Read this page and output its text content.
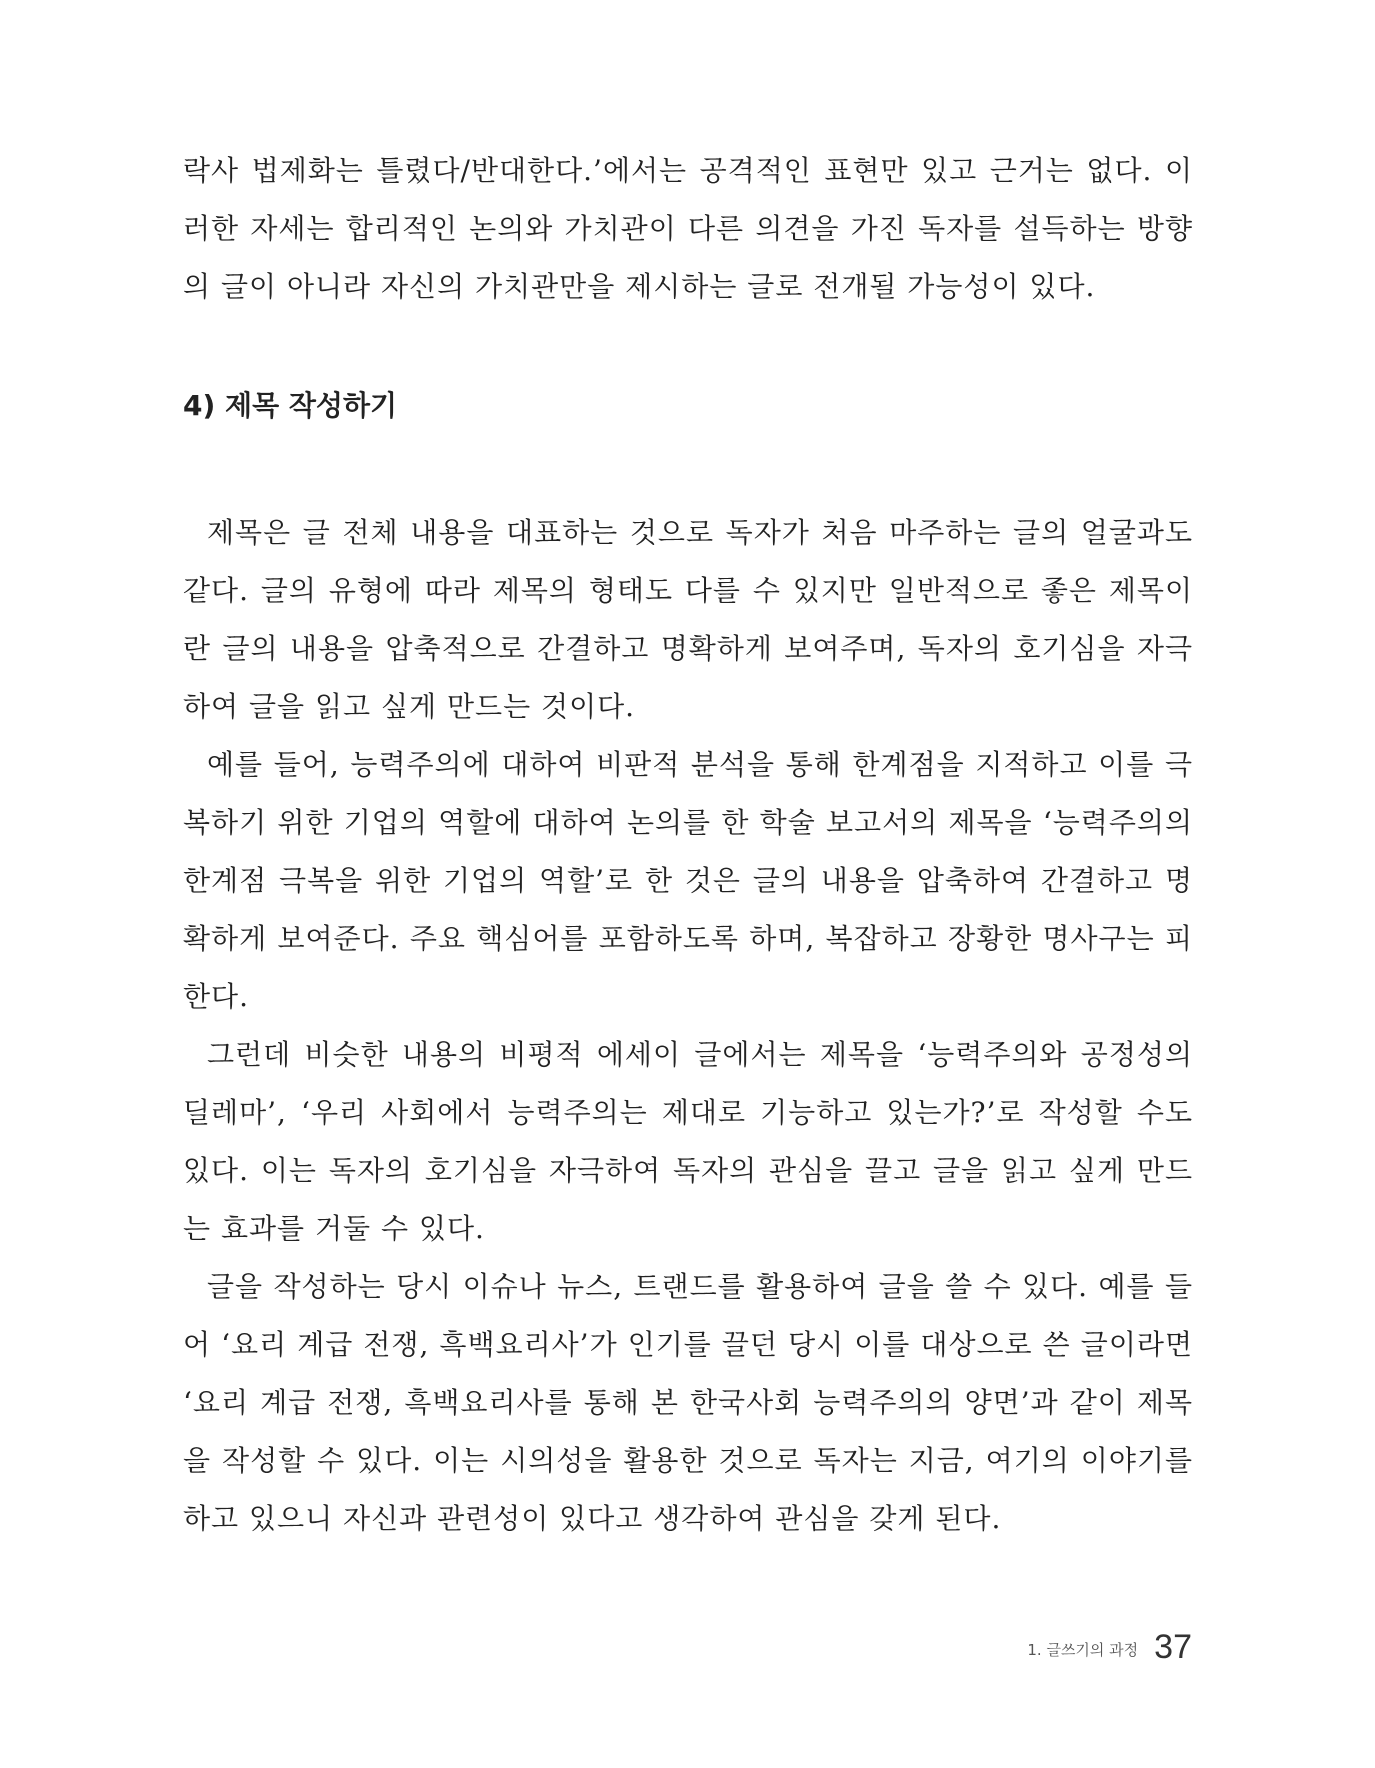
락사 법제화는 틀렸다/반대한다.’에서는 공격적인 표현만 있고 근거는 없다. 이러한 자세는 합리적인 논의와 가치관이 다른 의견을 가진 독자를 설득하는 방향의 글이 아니라 자신의 가치관만을 제시하는 글로 전개될 가능성이 있다.

4) 제목 작성하기

제목은 글 전체 내용을 대표하는 것으로 독자가 처음 마주하는 글의 얼굴과도 같다. 글의 유형에 따라 제목의 형태도 다를 수 있지만 일반적으로 좋은 제목이란 글의 내용을 압축적으로 간결하고 명확하게 보여주며, 독자의 호기심을 자극하여 글을 읽고 싶게 만드는 것이다.

예를 들어, 능력주의에 대하여 비판적 분석을 통해 한계점을 지적하고 이를 극복하기 위한 기업의 역할에 대하여 논의를 한 학술 보고서의 제목을 ‘능력주의의 한계점 극복을 위한 기업의 역할’로 한 것은 글의 내용을 압축하여 간결하고 명확하게 보여준다. 주요 핵심어를 포함하도록 하며, 복잡하고 장황한 명사구는 피한다.

그런데 비슷한 내용의 비평적 에세이 글에서는 제목을 ‘능력주의와 공정성의 딜레마’, ‘우리 사회에서 능력주의는 제대로 기능하고 있는가?’로 작성할 수도 있다. 이는 독자의 호기심을 자극하여 독자의 관심을 끌고 글을 읽고 싶게 만드는 효과를 거둘 수 있다.

글을 작성하는 당시 이슈나 뉴스, 트랜드를 활용하여 글을 쓸 수 있다. 예를 들어 ‘요리 계급 전쟁, 흑백요리사’가 인기를 끌던 당시 이를 대상으로 쓴 글이라면 ‘요리 계급 전쟁, 흑백요리사를 통해 본 한국사회 능력주의의 양면’과 같이 제목을 작성할 수 있다. 이는 시의성을 활용한 것으로 독자는 지금, 여기의 이야기를 하고 있으니 자신과 관련성이 있다고 생각하여 관심을 갖게 된다.

1. 글쓰기의 과정 37
